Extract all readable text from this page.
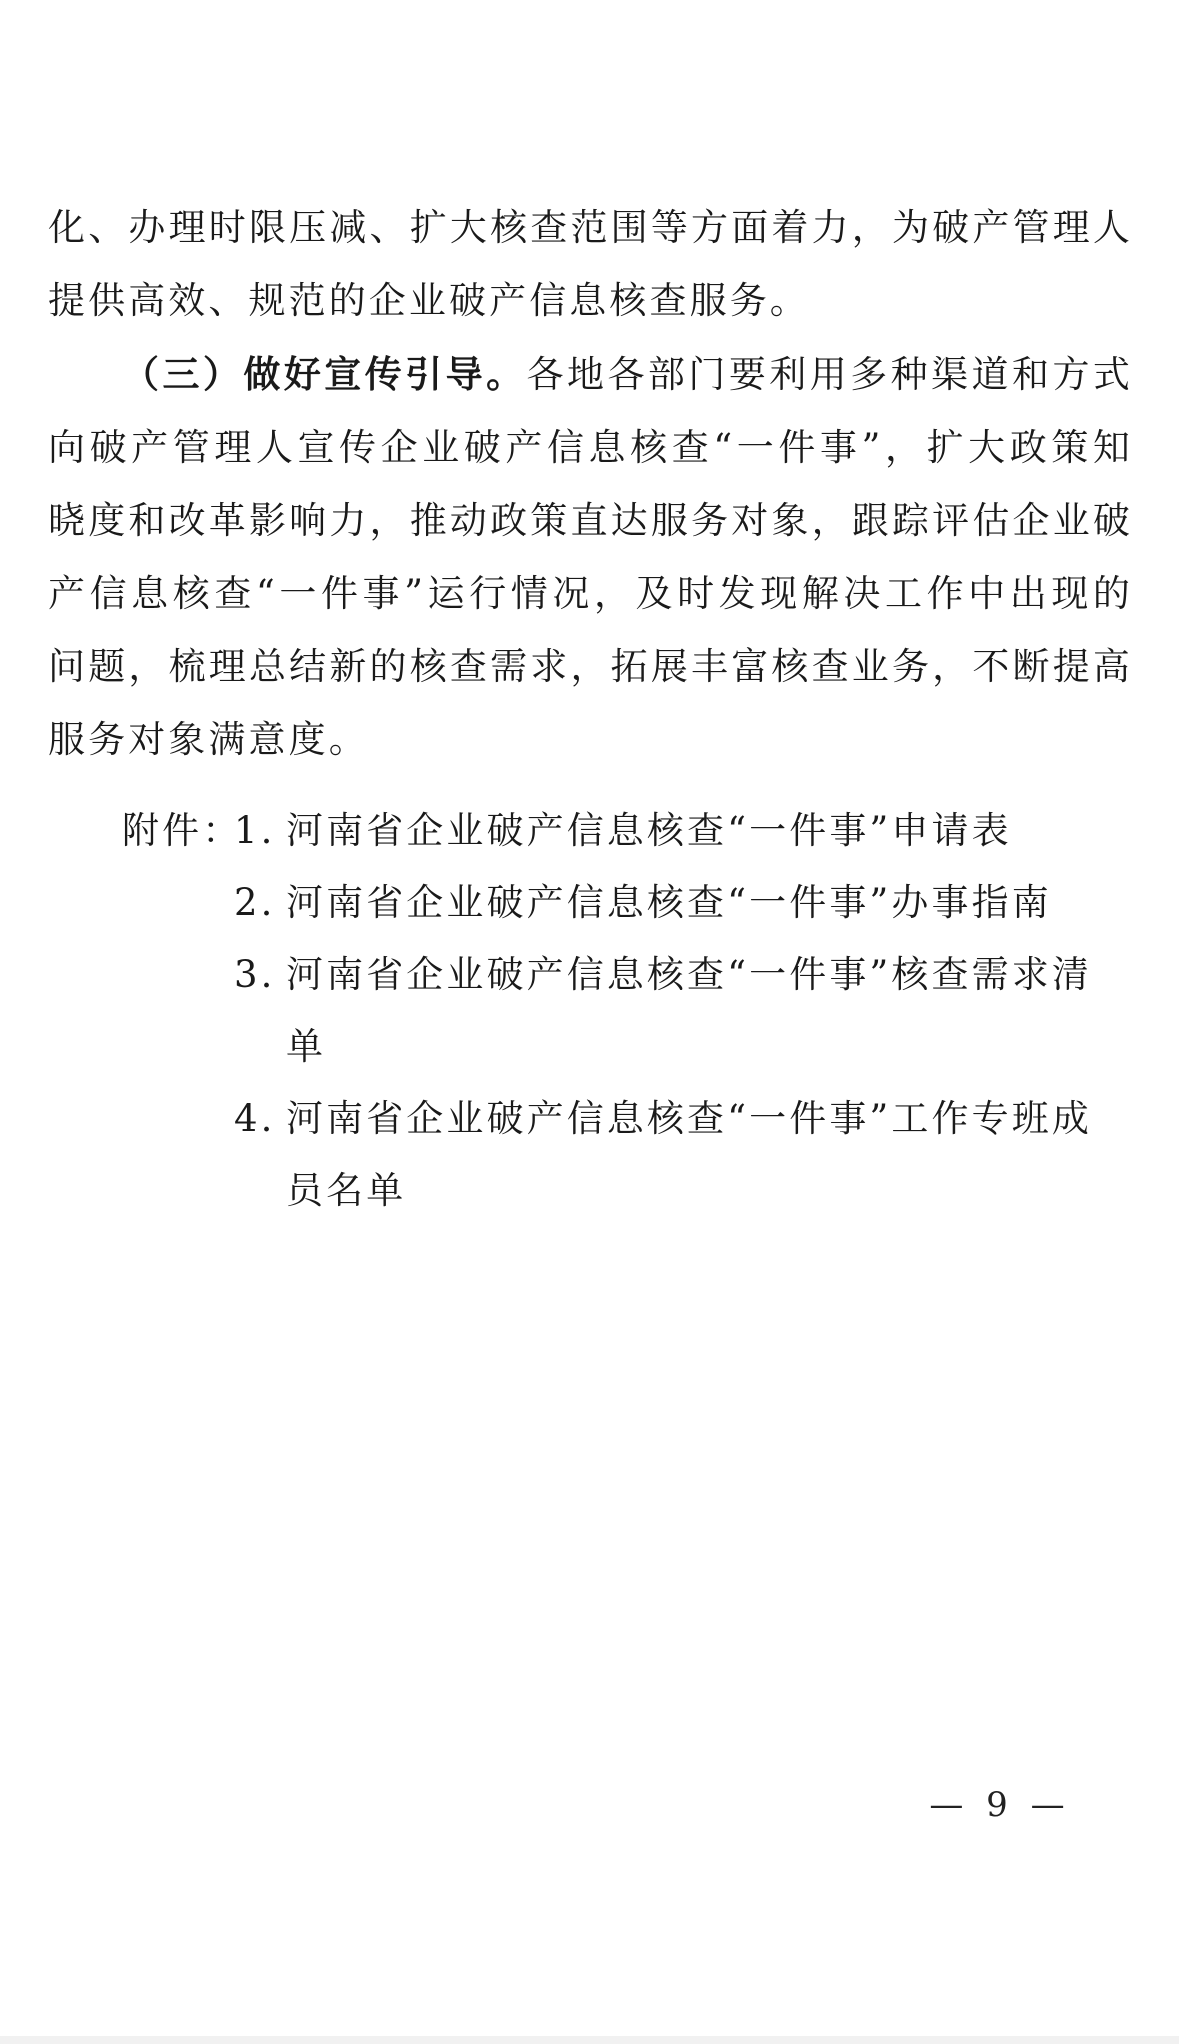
化、办理时限压减、扩大核查范围等方面着力，为破产管理人提供高效、规范的企业破产信息核查服务。

（三）做好宣传引导。各地各部门要利用多种渠道和方式向破产管理人宣传企业破产信息核查“一件事”，扩大政策知晓度和改革影响力，推动政策直达服务对象，跟踪评估企业破产信息核查“一件事”运行情况，及时发现解决工作中出现的问题，梳理总结新的核查需求，拓展丰富核查业务，不断提高服务对象满意度。

附件：
1. 河南省企业破产信息核查“一件事”申请表
2. 河南省企业破产信息核查“一件事”办事指南
3. 河南省企业破产信息核查“一件事”核查需求清单
4. 河南省企业破产信息核查“一件事”工作专班成员名单
— 9 —
